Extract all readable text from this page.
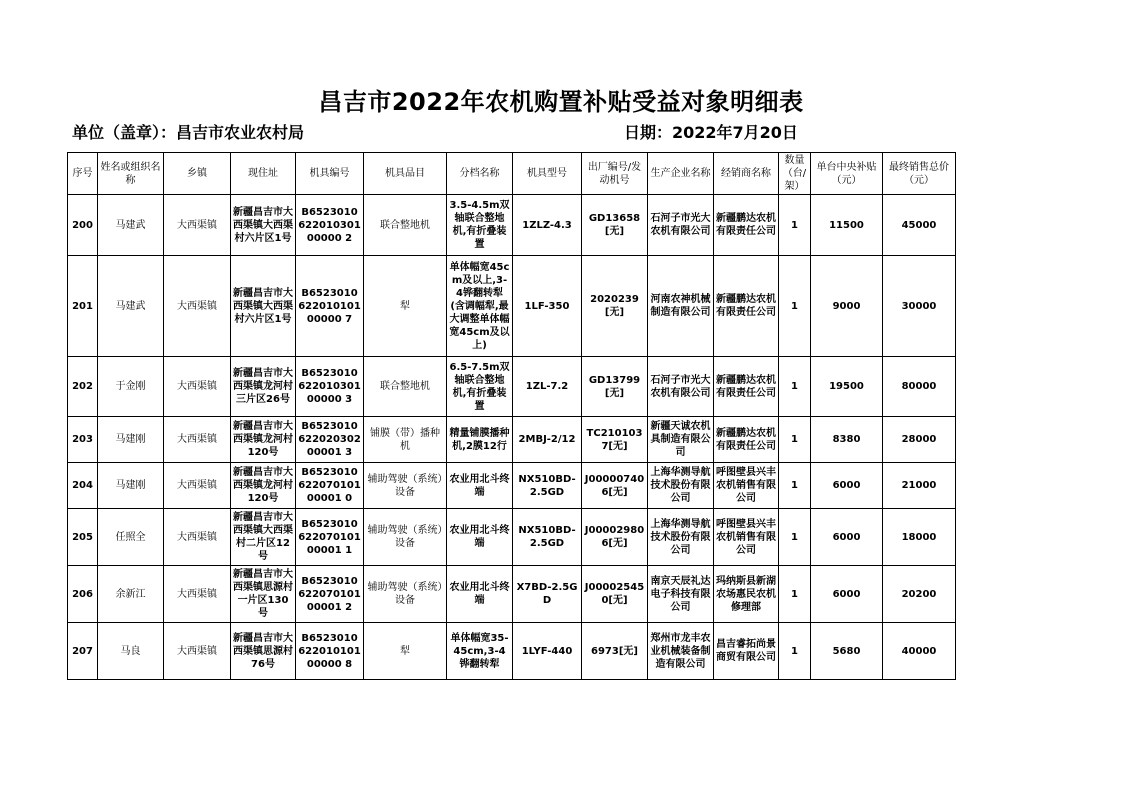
昌吉市2022年农机购置补贴受益对象明细表
单位（盖章）：昌吉市农业农村局	日期：2022年7月20日
序号	姓名或组织名称	乡镇	现住址	机具编号	机具品目	分档名称	机具型号	出厂编号/发动机号	生产企业名称	经销商名称	数量（台/架）	单台中央补贴（元）	最终销售总价（元）
200	马建武	大西渠镇	新疆昌吉市大西渠镇大西渠村六片区1号	B652301062201030100000 2	联合整地机	3.5-4.5m双轴联合整地机,有折叠装置	1ZLZ-4.3	GD13658[无]	石河子市光大农机有限公司	新疆鹏达农机有限责任公司	1	11500	45000
201	马建武	大西渠镇	新疆昌吉市大西渠镇大西渠村六片区1号	B652301062201010100000 7	犁	单体幅宽45cm及以上,3-4铧翻转犁(含调幅犁,最大调整单体幅宽45cm及以上)	1LF-350	2020239[无]	河南农神机械制造有限公司	新疆鹏达农机有限责任公司	1	9000	30000
202	于金刚	大西渠镇	新疆昌吉市大西渠镇龙河村三片区26号	B652301062201030100000 3	联合整地机	6.5-7.5m双轴联合整地机,有折叠装置	1ZL-7.2	GD13799[无]	石河子市光大农机有限公司	新疆鹏达农机有限责任公司	1	19500	80000
203	马建刚	大西渠镇	新疆昌吉市大西渠镇龙河村120号	B652301062202030200001 3	铺膜（带）播种机	精量铺膜播种机,2膜12行	2MBJ-2/12	TC2101037[无]	新疆天诚农机具制造有限公司	新疆鹏达农机有限责任公司	1	8380	28000
204	马建刚	大西渠镇	新疆昌吉市大西渠镇龙河村120号	B652301062207010100001 0	辅助驾驶（系统）设备	农业用北斗终端	NX510BD-2.5GD	J000007406[无]	上海华测导航技术股份有限公司	呼图壁县兴丰农机销售有限公司	1	6000	21000
205	任照全	大西渠镇	新疆昌吉市大西渠镇大西渠村二片区12号	B652301062207010100001 1	辅助驾驶（系统）设备	农业用北斗终端	NX510BD-2.5GD	J000029806[无]	上海华测导航技术股份有限公司	呼图壁县兴丰农机销售有限公司	1	6000	18000
206	余新江	大西渠镇	新疆昌吉市大西渠镇思源村一片区130号	B652301062207010100001 2	辅助驾驶（系统）设备	农业用北斗终端	X7BD-2.5GD	J000025450[无]	南京天辰礼达电子科技有限公司	玛纳斯县新湖农场惠民农机修理部	1	6000	20200
207	马良	大西渠镇	新疆昌吉市大西渠镇思源村76号	B652301062201010100000 8	犁	单体幅宽35-45cm,3-4铧翻转犁	1LYF-440	6973[无]	郑州市龙丰农业机械装备制造有限公司	昌吉睿拓尚景商贸有限公司	1	5680	40000
